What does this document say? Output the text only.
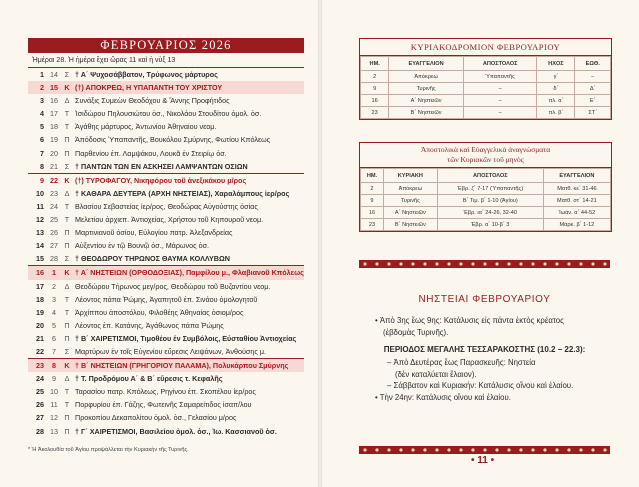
ΦΕΒΡΟΥΑΡΙΟΣ 2026
Ἡμέραι 28. Ἡ ἡμέρα ἔχει ὥρας 11 καὶ ἡ νὺξ 13
1 14 Σ † Α΄ Ψυχοσάββατον, Τρύφωνος μάρτυρος
2 15 Κ (†) ΑΠΟΚΡΕΩ, Η ΥΠΑΠΑΝΤΗ ΤΟΥ ΧΡΙΣΤΟΥ
3 16 Δ Συνάξις Συμεὼν Θεοδόχου & Ἄννης Προφήτιδος
4 17 Τ Ἰσιδώρου Πηλουσιώτου ὁσ., Νικολάου Στουδίτου ὁμολ. ὁσ.
5 18 Τ Ἀγάθης μάρτυρος, Ἀντωνίου Ἀθηναίου νεομ.
6 19 Π Ἀπόδοσις Ὑπαπαντῆς, Βουκόλου Σμύρνης, Φωτίου Κπόλεως
7 20 Π Παρθενίου ἐπ. Λαμψάκου, Λουκᾶ ἐν Στειρίῳ ὁσ.
8 21 Σ † ΠΑΝΤΩΝ ΤΩΝ ΕΝ ΑΣΚΗΣΕΙ ΛΑΜΨΑΝΤΩΝ ΟΣΙΩΝ
9 22 Κ (†) ΤΥΡΟΦΑΓΟΥ, Νικηφόρου τοῦ ἀνεξικάκου μ/ρος
10 23 Δ † ΚΑΘΑΡΑ ΔΕΥΤΕΡΑ (ΑΡΧΗ ΝΗΣΤΕΙΑΣ), Χαραλάμπους ἱερ/ρος
11 24 Τ Βλασίου Σεβαστείας ἱερ/ρος, Θεοδώρας Αὐγούστης ὁσίας
12 25 Τ Μελετίου ἀρχιεπ. Ἀντιοχείας, Χρήστου τοῦ Κηπουροῦ νεομ.
13 26 Π Μαρτινιανοῦ ὁσίου, Εὐλογίου πατρ. Ἀλεξανδρείας
14 27 Π Αὐξεντίου ἐν τῷ Βουνῷ ὁσ., Μάρωνος ὁσ.
15 28 Σ † ΘΕΟΔΩΡΟΥ ΤΗΡΩΝΟΣ ΘΑΥΜΑ ΚΟΛΛΥΒΩΝ
16	1	Κ † Α΄ ΝΗΣΤΕΙΩΝ (ΟΡΘΟΔΟΞΙΑΣ), Παμφίλου μ., Φλαβιανοῦ Κπόλεως
17	2	Δ Θεοδώρου Τήρωνος μεγ/ρος, Θεοδώρου τοῦ Βυζαντίου νεομ.
18	3	Τ Λέοντος πάπα Ῥώμης, Ἀγαπητοῦ ἐπ. Σινάου ὁμολογητοῦ
19	4	Τ Ἀρχίππου ἀποστόλου, Φιλοθέης Ἀθηναίας ὁσιομ/ρος
20	5	Π Λέοντος ἐπ. Κατάνης, Ἀγάθωνος πάπα Ῥώμης
21	6	Π † Β΄ ΧΑΙΡΕΤΙΣΜΟΙ, Τιμοθέου ἐν Συμβόλοις, Εὐσταθίου Ἀντιοχείας
22	7	Σ Μαρτύρων ἐν τοῖς Εὐγενίου εὕρεσις Λειψάνων, Ἀνθούσης μ.
23	8	Κ † Β΄ ΝΗΣΤΕΙΩΝ (ΓΡΗΓΟΡΙΟΥ ΠΑΛΑΜΑ), Πολυκάρπου Σμύρνης
24	9	Δ † Τ. Προδρόμου Α΄ & Β΄ εὕρεσις τ. Κεφαλῆς
25 10 Τ Ταρασίου πατρ. Κπόλεως, Ρηγίνου ἐπ. Σκοπέλου ἱερ/ρος
26 11 Τ Πορφυρίου ἐπ. Γάζης, Φωτεινῆς Σαμαρείτιδος ἰσαπ/λου
27 12 Π Προκοπίου Δεκαπολίτου ὁμολ. ὁσ., Γελασίου μ/ρος
28 13 Π † Γ΄ ΧΑΙΡΕΤΙΣΜΟΙ, Βασιλείου ὁμολ. ὁσ., Ἰω. Κασσιανοῦ ὁσ.
* Ἡ Ἀκολουθία τοῦ Ἁγίου προψάλλεται τὴν Κυριακὴν τῆς Τυρινῆς.
ΚΥΡΙΑΚΟΔΡΟΜΙΟΝ ΦΕΒΡΟΥΑΡΙΟΥ
ΗΜ.	ΕΥΑΓΓΕΛΙΟΝ	ΑΠΟΣΤΟΛΟΣ	ΗΧΟΣ	ΕΩΘ.
2	Ἀπόκρεω	Ὑπαπαντῆς	γ΄	–
9	Τυρινῆς	–	δ΄	Δ΄
16	Α΄ Νηστειῶν	–	πλ. α΄	Ε΄
23	Β΄ Νηστειῶν	–	πλ. β΄	ΣΤ΄
Ἀποστολικὰ καὶ Εὐαγγελικὰ ἀναγνώσματα
τῶν Κυριακῶν τοῦ μηνὸς
ΗΜ.	ΚΥΡΙΑΚΗ	ΑΠΟΣΤΟΛΟΣ	ΕΥΑΓΓΕΛΙΟΝ
2	Ἀπόκρεω	Ἑβρ. ζ΄ 7-17 (Ὑπαπαντῆς)	Ματθ. κε΄ 31-46
9	Τυρινῆς	Β΄ Τιμ. β΄ 1-10 (Ἁγίου)	Ματθ. στ΄ 14-21
16	Α΄ Νηστειῶν	Ἑβρ. ια΄ 24-26, 32-40	Ἰωάν. α΄ 44-52
23	Β΄ Νηστειῶν	Ἑβρ. α΄ 10-β΄ 3	Μάρκ. β΄ 1-12
ΝΗΣΤΕΙΑΙ ΦΕΒΡΟΥΑΡΙΟΥ
• Ἀπὸ 3ης ἕως 9ης: Κατάλυσις εἰς πάντα ἐκτὸς κρέατος
(ἑβδομὰς Τυρινῆς).
ΠΕΡΙΟΔΟΣ ΜΕΓΑΛΗΣ ΤΕΣΣΑΡΑΚΟΣΤΗΣ (10.2 – 22.3):
– Ἀπὸ Δευτέρας ἕως Παρασκευῆς: Νηστεία
(δὲν καταλύεται ἔλαιον).
– Σάββατον καὶ Κυριακήν: Κατάλυσις οἴνου καὶ ἐλαίου.
• Τὴν 24ην: Κατάλυσις οἴνου καὶ ἐλαίου.
• 11 •
